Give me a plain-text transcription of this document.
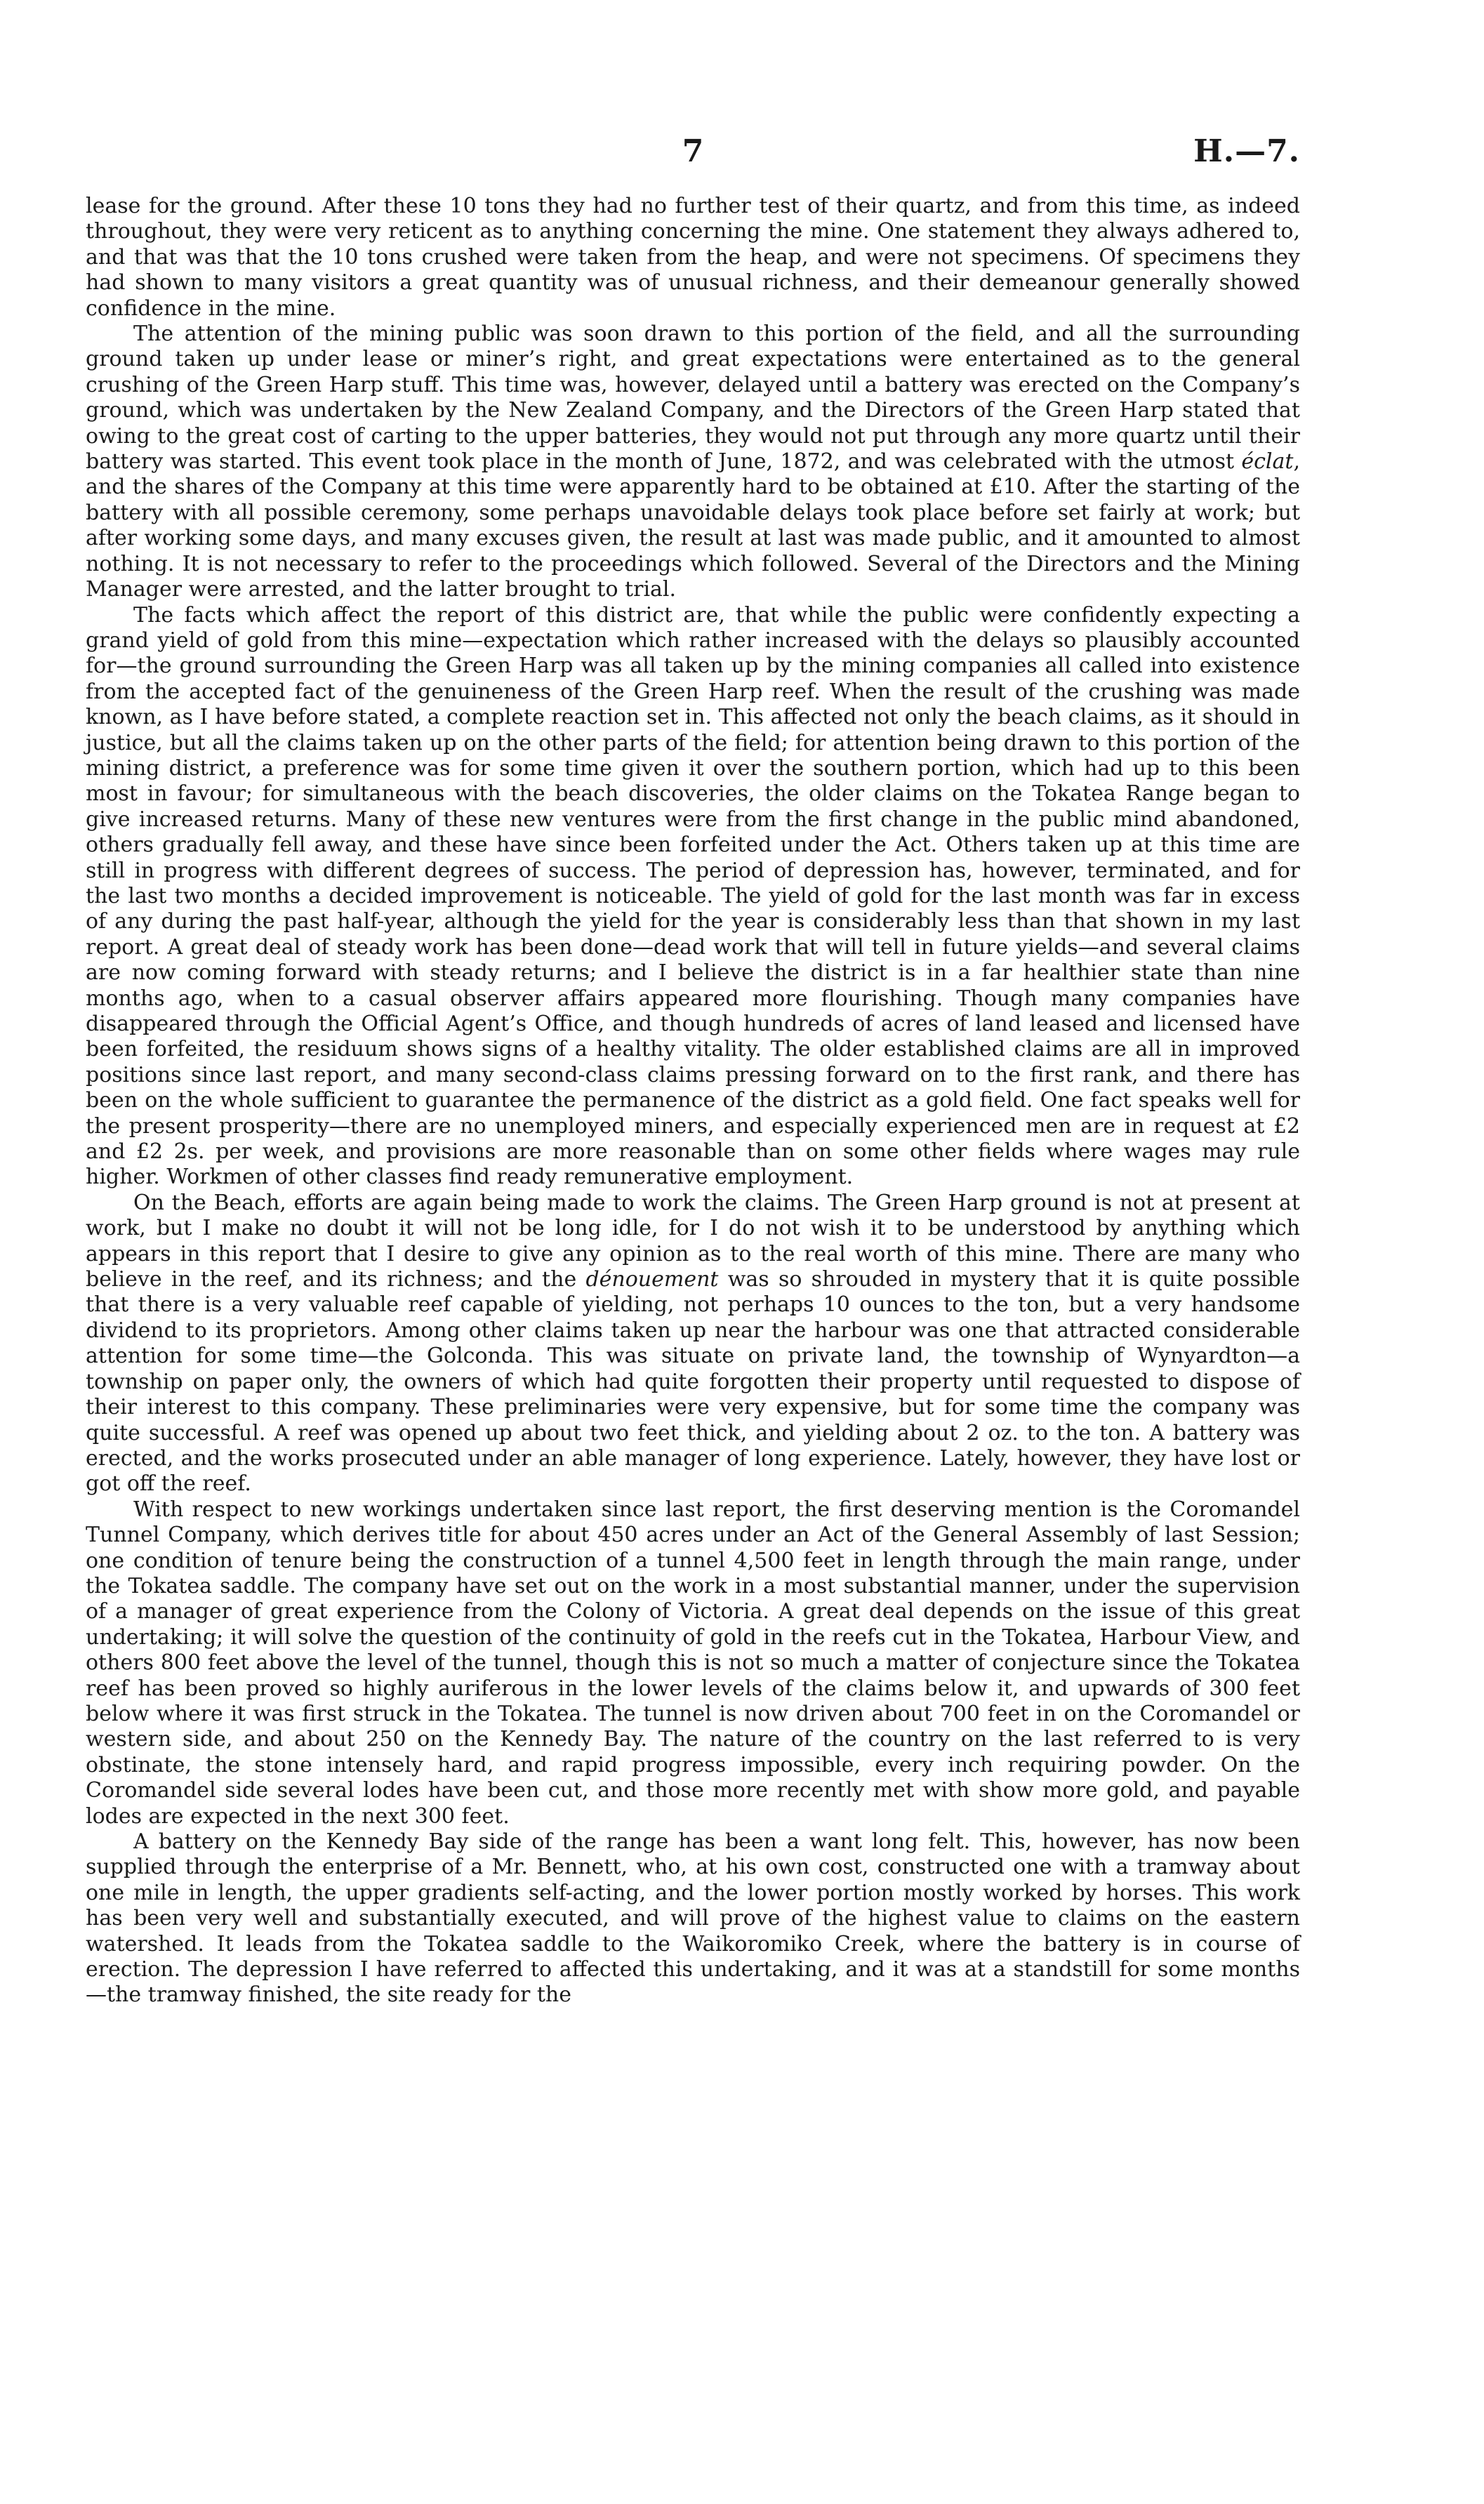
7	H.—7.

lease for the ground. After these 10 tons they had no further test of their quartz, and from this time, as indeed throughout, they were very reticent as to anything concerning the mine. One statement they always adhered to, and that was that the 10 tons crushed were taken from the heap, and were not specimens. Of specimens they had shown to many visitors a great quantity was of unusual richness, and their demeanour generally showed confidence in the mine.

The attention of the mining public was soon drawn to this portion of the field, and all the surrounding ground taken up under lease or miner’s right, and great expectations were entertained as to the general crushing of the Green Harp stuff. This time was, however, delayed until a battery was erected on the Company’s ground, which was undertaken by the New Zealand Company, and the Directors of the Green Harp stated that owing to the great cost of carting to the upper batteries, they would not put through any more quartz until their battery was started. This event took place in the month of June, 1872, and was celebrated with the utmost éclat, and the shares of the Company at this time were apparently hard to be obtained at £10. After the starting of the battery with all possible ceremony, some perhaps unavoidable delays took place before set fairly at work; but after working some days, and many excuses given, the result at last was made public, and it amounted to almost nothing. It is not necessary to refer to the proceedings which followed. Several of the Directors and the Mining Manager were arrested, and the latter brought to trial.

The facts which affect the report of this district are, that while the public were confidently expecting a grand yield of gold from this mine—expectation which rather increased with the delays so plausibly accounted for—the ground surrounding the Green Harp was all taken up by the mining companies all called into existence from the accepted fact of the genuineness of the Green Harp reef. When the result of the crushing was made known, as I have before stated, a complete reaction set in. This affected not only the beach claims, as it should in justice, but all the claims taken up on the other parts of the field; for attention being drawn to this portion of the mining district, a preference was for some time given it over the southern portion, which had up to this been most in favour; for simultaneous with the beach discoveries, the older claims on the Tokatea Range began to give increased returns. Many of these new ventures were from the first change in the public mind abandoned, others gradually fell away, and these have since been forfeited under the Act. Others taken up at this time are still in progress with different degrees of success. The period of depression has, however, terminated, and for the last two months a decided improvement is noticeable. The yield of gold for the last month was far in excess of any during the past half-year, although the yield for the year is considerably less than that shown in my last report. A great deal of steady work has been done—dead work that will tell in future yields—and several claims are now coming forward with steady returns; and I believe the district is in a far healthier state than nine months ago, when to a casual observer affairs appeared more flourishing. Though many companies have disappeared through the Official Agent’s Office, and though hundreds of acres of land leased and licensed have been forfeited, the residuum shows signs of a healthy vitality. The older established claims are all in improved positions since last report, and many second-class claims pressing forward on to the first rank, and there has been on the whole sufficient to guarantee the permanence of the district as a gold field. One fact speaks well for the present prosperity—there are no unemployed miners, and especially experienced men are in request at £2 and £2 2s. per week, and provisions are more reasonable than on some other fields where wages may rule higher. Workmen of other classes find ready remunerative employment.

On the Beach, efforts are again being made to work the claims. The Green Harp ground is not at present at work, but I make no doubt it will not be long idle, for I do not wish it to be understood by anything which appears in this report that I desire to give any opinion as to the real worth of this mine. There are many who believe in the reef, and its richness; and the dénouement was so shrouded in mystery that it is quite possible that there is a very valuable reef capable of yielding, not perhaps 10 ounces to the ton, but a very handsome dividend to its proprietors. Among other claims taken up near the harbour was one that attracted considerable attention for some time—the Golconda. This was situate on private land, the township of Wynyardton—a township on paper only, the owners of which had quite forgotten their property until requested to dispose of their interest to this company. These preliminaries were very expensive, but for some time the company was quite successful. A reef was opened up about two feet thick, and yielding about 2 oz. to the ton. A battery was erected, and the works prosecuted under an able manager of long experience. Lately, however, they have lost or got off the reef.

With respect to new workings undertaken since last report, the first deserving mention is the Coromandel Tunnel Company, which derives title for about 450 acres under an Act of the General Assembly of last Session; one condition of tenure being the construction of a tunnel 4,500 feet in length through the main range, under the Tokatea saddle. The company have set out on the work in a most substantial manner, under the supervision of a manager of great experience from the Colony of Victoria. A great deal depends on the issue of this great undertaking; it will solve the question of the continuity of gold in the reefs cut in the Tokatea, Harbour View, and others 800 feet above the level of the tunnel, though this is not so much a matter of conjecture since the Tokatea reef has been proved so highly auriferous in the lower levels of the claims below it, and upwards of 300 feet below where it was first struck in the Tokatea. The tunnel is now driven about 700 feet in on the Coromandel or western side, and about 250 on the Kennedy Bay. The nature of the country on the last referred to is very obstinate, the stone intensely hard, and rapid progress impossible, every inch requiring powder. On the Coromandel side several lodes have been cut, and those more recently met with show more gold, and payable lodes are expected in the next 300 feet.

A battery on the Kennedy Bay side of the range has been a want long felt. This, however, has now been supplied through the enterprise of a Mr. Bennett, who, at his own cost, constructed one with a tramway about one mile in length, the upper gradients self-acting, and the lower portion mostly worked by horses. This work has been very well and substantially executed, and will prove of the highest value to claims on the eastern watershed. It leads from the Tokatea saddle to the Waikoromiko Creek, where the battery is in course of erection. The depression I have referred to affected this undertaking, and it was at a standstill for some months—the tramway finished, the site ready for the
